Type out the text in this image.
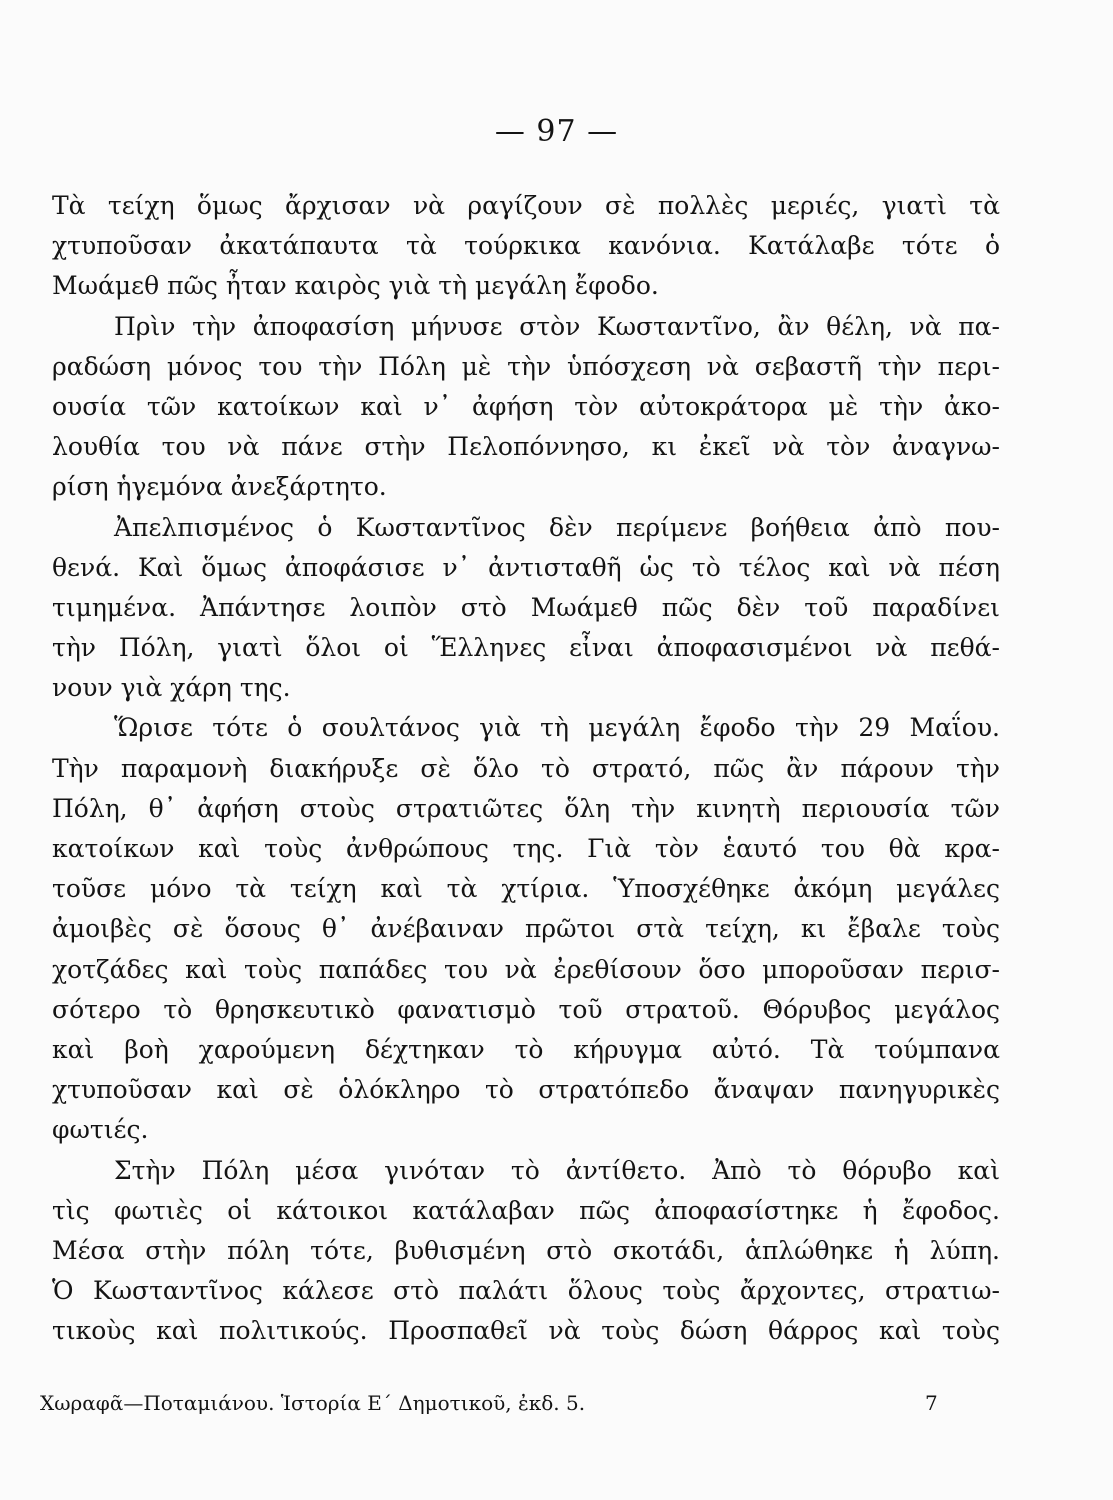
— 97 —
Τὰ τείχη ὅμως ἄρχισαν νὰ ραγίζουν σὲ πολλὲς μεριές, γιατὶ τὰ
χτυποῦσαν ἀκατάπαυτα τὰ τούρκικα κανόνια. Κατάλαβε τότε ὁ
Μωάμεθ πῶς ἦταν καιρὸς γιὰ τὴ μεγάλη ἔφοδο.
Πρὶν τὴν ἀποφασίση μήνυσε στὸν Κωσταντῖνο, ἂν θέλη, νὰ πα-
ραδώση μόνος του τὴν Πόλη μὲ τὴν ὑπόσχεση νὰ σεβαστῆ τὴν περι-
ουσία τῶν κατοίκων καὶ ν᾽ ἀφήση τὸν αὐτοκράτορα μὲ τὴν ἀκο-
λουθία του νὰ πάνε στὴν Πελοπόννησο, κι ἐκεῖ νὰ τὸν ἀναγνω-
ρίση ἡγεμόνα ἀνεξάρτητο.
Ἀπελπισμένος ὁ Κωσταντῖνος δὲν περίμενε βοήθεια ἀπὸ που-
θενά. Καὶ ὅμως ἀποφάσισε ν᾽ ἀντισταθῆ ὡς τὸ τέλος καὶ νὰ πέση
τιμημένα. Ἀπάντησε λοιπὸν στὸ Μωάμεθ πῶς δὲν τοῦ παραδίνει
τὴν Πόλη, γιατὶ ὅλοι οἱ Ἕλληνες εἶναι ἀποφασισμένοι νὰ πεθά-
νουν γιὰ χάρη της.
Ὥρισε τότε ὁ σουλτάνος γιὰ τὴ μεγάλη ἔφοδο τὴν 29 Μαΐου.
Τὴν παραμονὴ διακήρυξε σὲ ὅλο τὸ στρατό, πῶς ἂν πάρουν τὴν
Πόλη, θ᾽ ἀφήση στοὺς στρατιῶτες ὅλη τὴν κινητὴ περιουσία τῶν
κατοίκων καὶ τοὺς ἀνθρώπους της. Γιὰ τὸν ἑαυτό του θὰ κρα-
τοῦσε μόνο τὰ τείχη καὶ τὰ χτίρια. Ὑποσχέθηκε ἀκόμη μεγάλες
ἀμοιβὲς σὲ ὅσους θ᾽ ἀνέβαιναν πρῶτοι στὰ τείχη, κι ἔβαλε τοὺς
χοτζάδες καὶ τοὺς παπάδες του νὰ ἐρεθίσουν ὅσο μποροῦσαν περισ-
σότερο τὸ θρησκευτικὸ φανατισμὸ τοῦ στρατοῦ. Θόρυβος μεγάλος
καὶ βοὴ χαρούμενη δέχτηκαν τὸ κήρυγμα αὐτό. Τὰ τούμπανα
χτυποῦσαν καὶ σὲ ὁλόκληρο τὸ στρατόπεδο ἄναψαν πανηγυρικὲς
φωτιές.
Στὴν Πόλη μέσα γινόταν τὸ ἀντίθετο. Ἀπὸ τὸ θόρυβο καὶ
τὶς φωτιὲς οἱ κάτοικοι κατάλαβαν πῶς ἀποφασίστηκε ἡ ἔφοδος.
Μέσα στὴν πόλη τότε, βυθισμένη στὸ σκοτάδι, ἁπλώθηκε ἡ λύπη.
Ὁ Κωσταντῖνος κάλεσε στὸ παλάτι ὅλους τοὺς ἄρχοντες, στρατιω-
τικοὺς καὶ πολιτικούς. Προσπαθεῖ νὰ τοὺς δώση θάρρος καὶ τοὺς
Χωραφᾶ—Ποταμιάνου. Ἱστορία Ε΄ Δημοτικοῦ, ἐκδ. 5.	7
